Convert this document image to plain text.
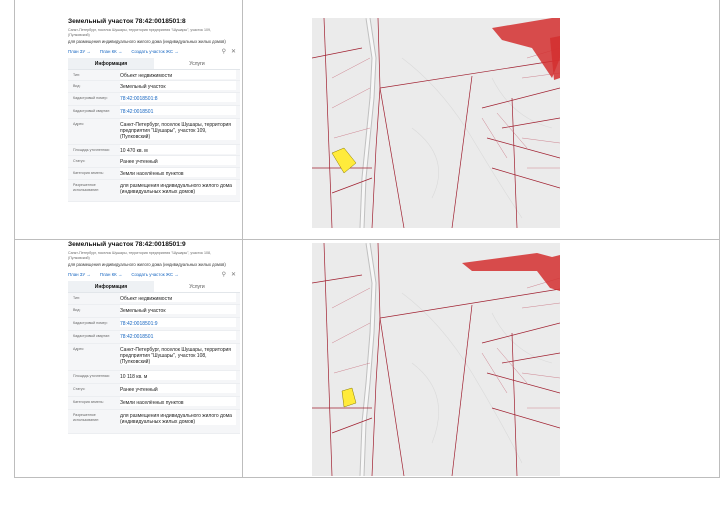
Земельный участок 78:42:0018501:8
Санкт-Петербург, поселок Шушары, территория предприятия "Шушары", участок 109, (Пулковский)
для размещения индивидуального жилого дома (индивидуальных жилых домов)
План ЗУ → План КК → Создать участок ЖС →	⚲ ✕
Информация	Услуги
Тип:	Объект недвижимости
Вид:	Земельный участок
Кадастровый номер:	78:42:0018501:8
Кадастровый квартал:	78:42:0018501
Адрес:	Санкт-Петербург, поселок Шушары, территория предприятия "Шушары", участок 109, (Пулковский)
Площадь уточненная:	10 470 кв. м
Статус:	Ранее учтенный
Категория земель:	Земли населённых пунктов
Разрешенное использование:
для размещения индивидуального жилого дома (индивидуальных жилых домов)
Земельный участок 78:42:0018501:9
Санкт-Петербург, поселок Шушары, территория предприятия "Шушары", участок 108, (Пулковский)
для размещения индивидуального жилого дома (индивидуальных жилых домов)
План ЗУ → План КК → Создать участок ЖС →	⚲ ✕
Информация	Услуги
Тип:	Объект недвижимости
Вид:	Земельный участок
Кадастровый номер:	78:42:0018501:9
Кадастровый квартал:	78:42:0018501
Адрес:	Санкт-Петербург, поселок Шушары, территория предприятия "Шушары", участок 108, (Пулковский)
Площадь уточненная:	10 118 кв. м
Статус:	Ранее учтенный
Категория земель:	Земли населённых пунктов
Разрешенное использование:
для размещения индивидуального жилого дома (индивидуальных жилых домов)
